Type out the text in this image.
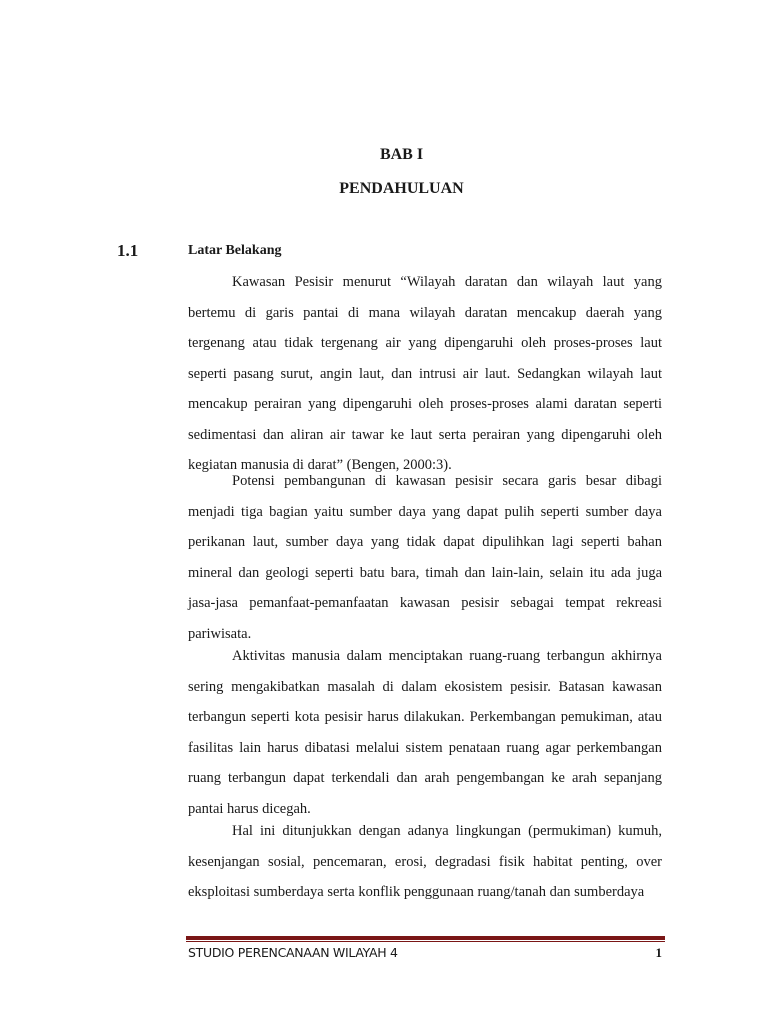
BAB I
PENDAHULUAN
1.1	Latar Belakang

Kawasan Pesisir menurut “Wilayah daratan dan wilayah laut yang bertemu di garis pantai di mana wilayah daratan mencakup daerah yang tergenang atau tidak tergenang air yang dipengaruhi oleh proses-proses laut seperti pasang surut, angin laut, dan intrusi air laut. Sedangkan wilayah laut mencakup perairan yang dipengaruhi oleh proses-proses alami daratan seperti sedimentasi dan aliran air tawar ke laut serta perairan yang dipengaruhi oleh kegiatan manusia di darat” (Bengen, 2000:3).

Potensi pembangunan di kawasan pesisir secara garis besar dibagi menjadi tiga bagian yaitu sumber daya yang dapat pulih seperti sumber daya perikanan laut, sumber daya yang tidak dapat dipulihkan lagi seperti bahan mineral dan geologi seperti batu bara, timah dan lain-lain, selain itu ada juga jasa-jasa pemanfaat-pemanfaatan kawasan pesisir sebagai tempat rekreasi pariwisata.

Aktivitas manusia dalam menciptakan ruang-ruang terbangun akhirnya sering mengakibatkan masalah di dalam ekosistem pesisir. Batasan kawasan terbangun seperti kota pesisir harus dilakukan. Perkembangan pemukiman, atau fasilitas lain harus dibatasi melalui sistem penataan ruang agar perkembangan ruang terbangun dapat terkendali dan arah pengembangan ke arah sepanjang pantai harus dicegah.

Hal ini ditunjukkan dengan adanya lingkungan (permukiman) kumuh, kesenjangan sosial, pencemaran, erosi, degradasi fisik habitat penting, over eksploitasi sumberdaya serta konflik penggunaan ruang/tanah dan sumberdaya

STUDIO PERENCANAAN WILAYAH 4	1
